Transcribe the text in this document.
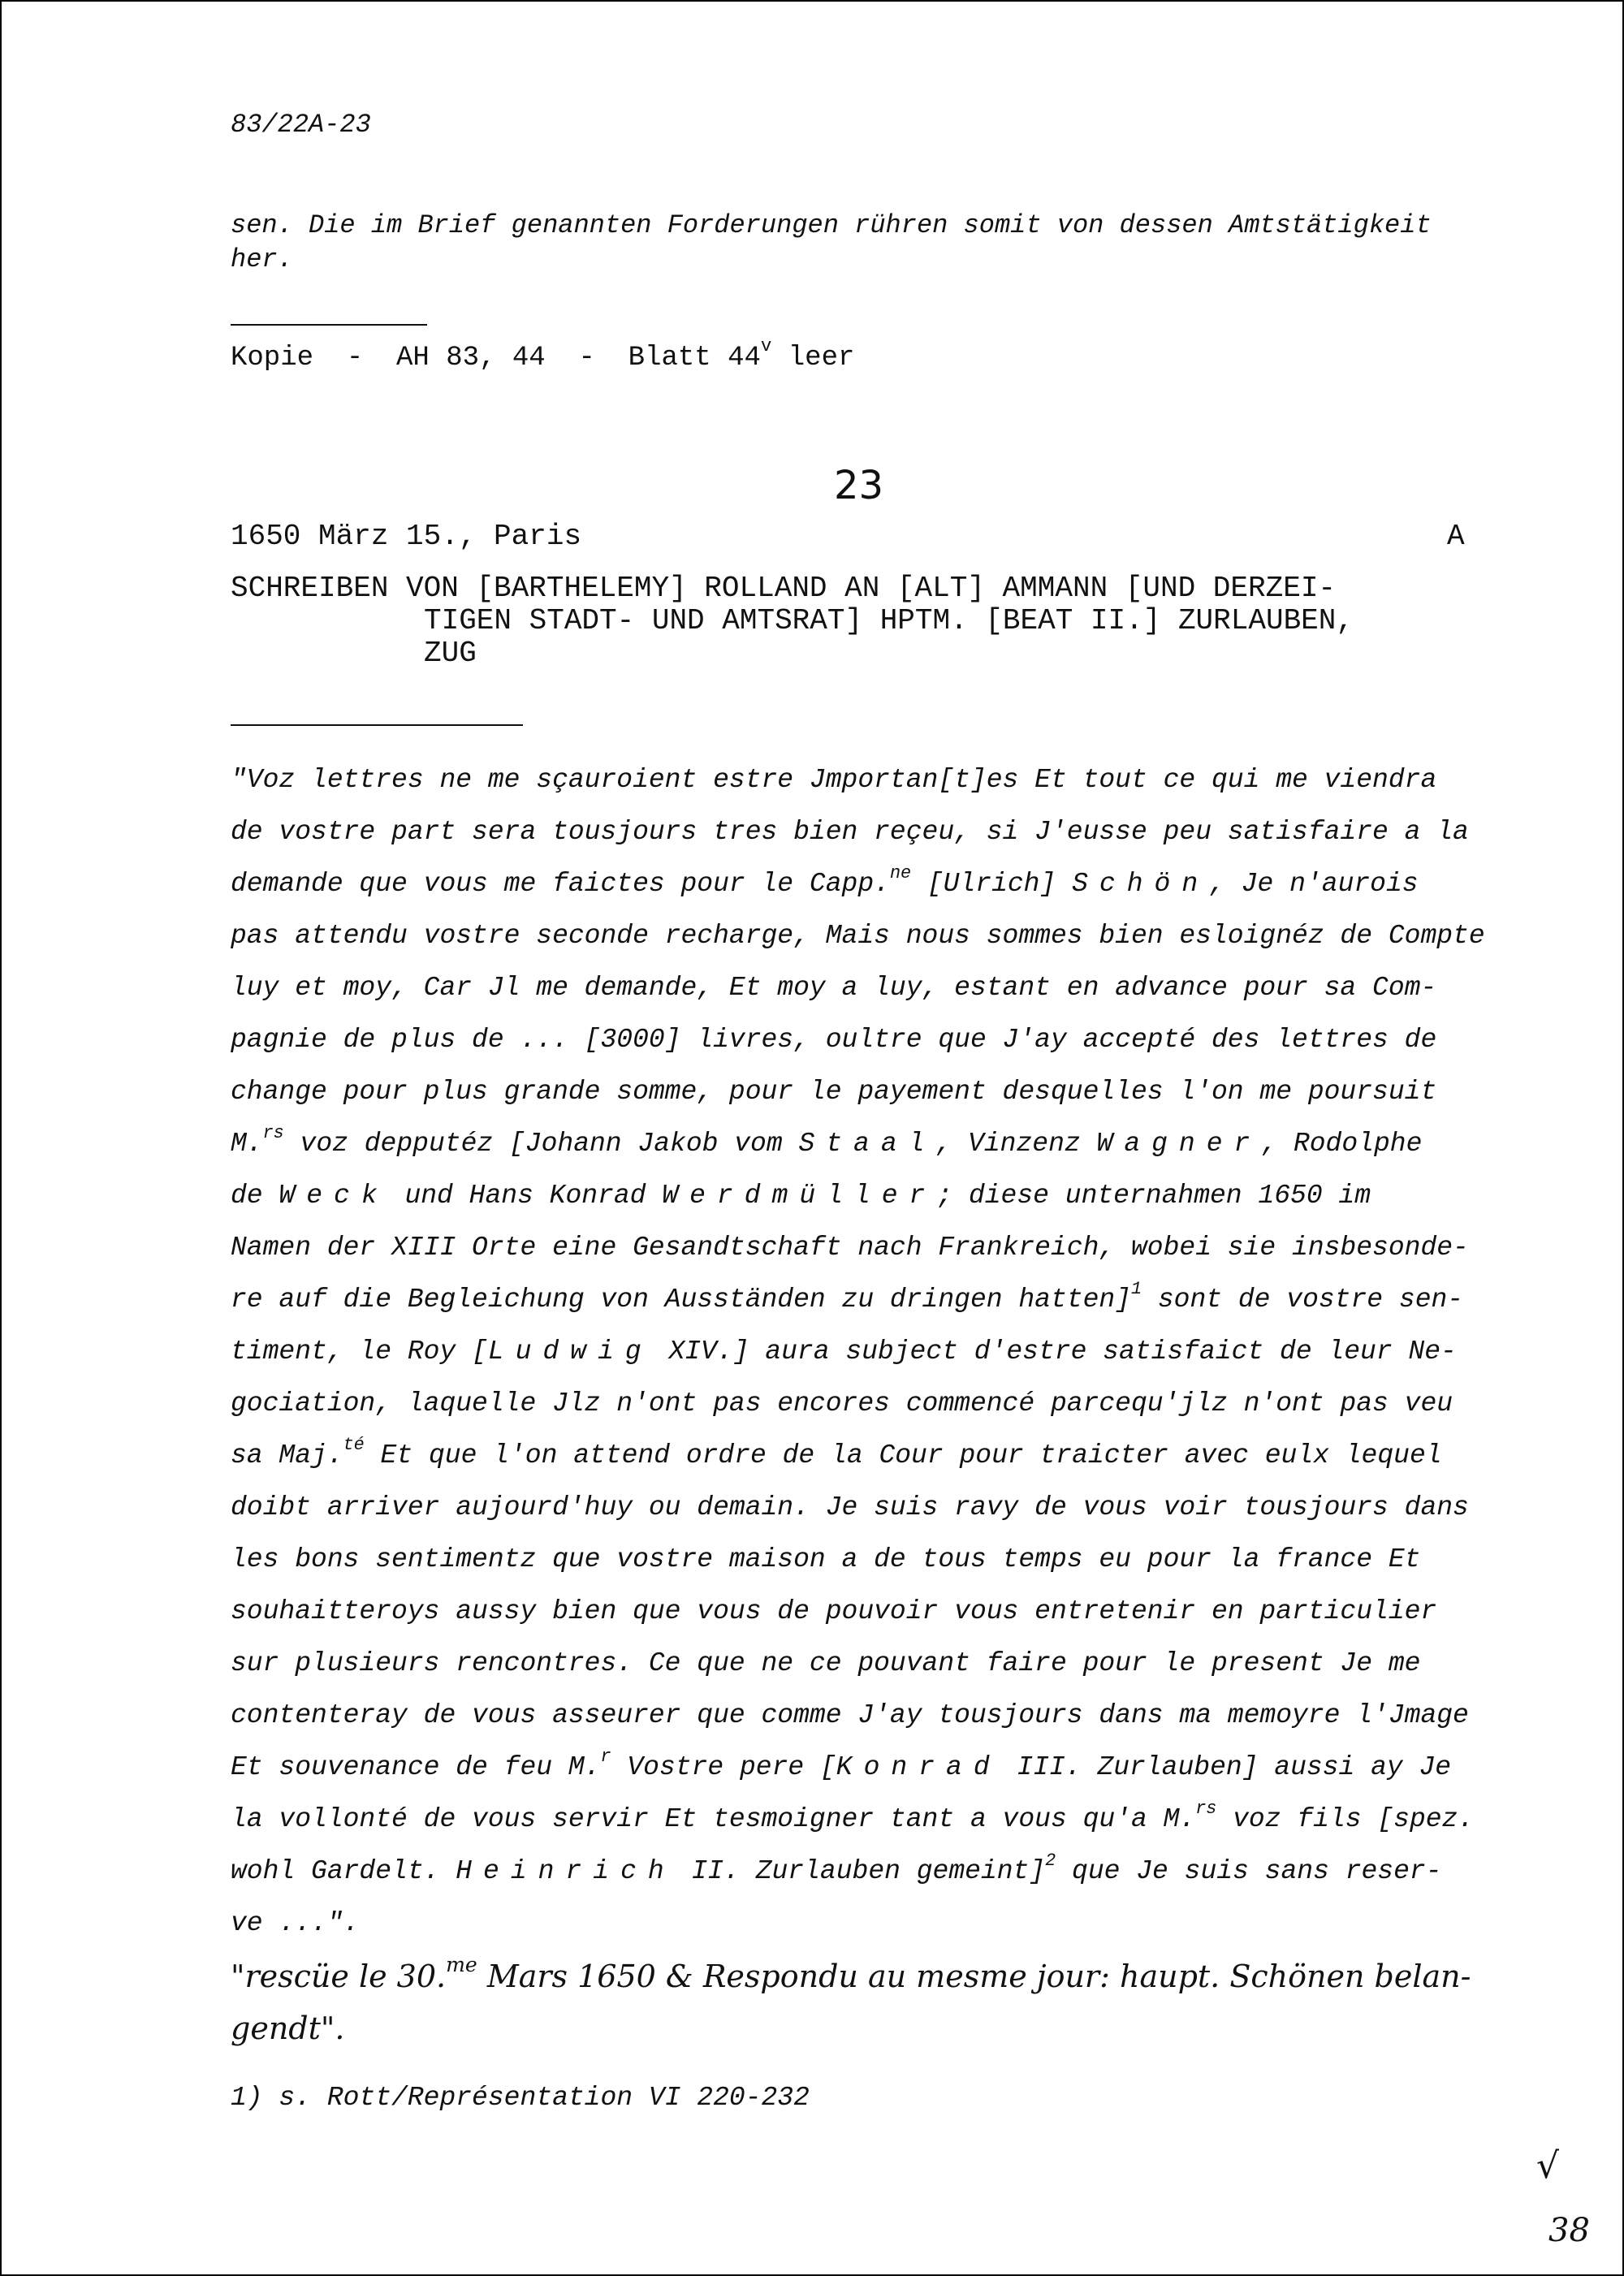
83/22A-23
sen. Die im Brief genannten Forderungen rühren somit von dessen Amtstätigkeit
her.
Kopie  -  AH 83, 44  -  Blatt 44$^v$ leer
23
1650 März 15., Paris	A
SCHREIBEN VON [BARTHELEMY] ROLLAND AN [ALT] AMMANN [UND DERZEI-
TIGEN STADT- UND AMTSRAT] HPTM. [BEAT II.] ZURLAUBEN,
ZUG
"Voz lettres ne me sçauroient estre Jmportan[t]es Et tout ce qui me viendra
de vostre part sera tousjours tres bien reçeu, si J'eusse peu satisfaire a la
demande que vous me faictes pour le Capp.$^{ne}$ [Ulrich] Schön, Je n'aurois
pas attendu vostre seconde recharge, Mais nous sommes bien esloignéz de Compte
luy et moy, Car Jl me demande, Et moy a luy, estant en advance pour sa Com-
pagnie de plus de ... [3000] livres, oultre que J'ay accepté des lettres de
change pour plus grande somme, pour le payement desquelles l'on me poursuit
M.$^{rs}$ voz depputéz [Johann Jakob vom Staal, Vinzenz Wagner, Rodolphe
de Weck und Hans Konrad Werdmüller; diese unternahmen 1650 im
Namen der XIII Orte eine Gesandtschaft nach Frankreich, wobei sie insbesonde-
re auf die Begleichung von Ausständen zu dringen hatten]$^1$ sont de vostre sen-
timent, le Roy [Ludwig XIV.] aura subject d'estre satisfaict de leur Ne-
gociation, laquelle Jlz n'ont pas encores commencé parcequ'jlz n'ont pas veu
sa Maj.$^{té}$ Et que l'on attend ordre de la Cour pour traicter avec eulx lequel
doibt arriver aujourd'huy ou demain. Je suis ravy de vous voir tousjours dans
les bons sentimentz que vostre maison a de tous temps eu pour la france Et
souhaitteroys aussy bien que vous de pouvoir vous entretenir en particulier
sur plusieurs rencontres. Ce que ne ce pouvant faire pour le present Je me
contenteray de vous asseurer que comme J'ay tousjours dans ma memoyre l'Jmage
Et souvenance de feu M.$^r$ Vostre pere [Konrad III. Zurlauben] aussi ay Je
la vollonté de vous servir Et tesmoigner tant a vous qu'a M.$^{rs}$ voz fils [spez.
wohl Gardelt. Heinrich II. Zurlauben gemeint]$^2$ que Je suis sans reser-
ve ...".
"rescüe le 30.$^{me}$ Mars 1650 & Respondu au mesme jour: haupt. Schönen belan-
gendt".
1) s. Rott/Représentation VI 220-232
√
38
